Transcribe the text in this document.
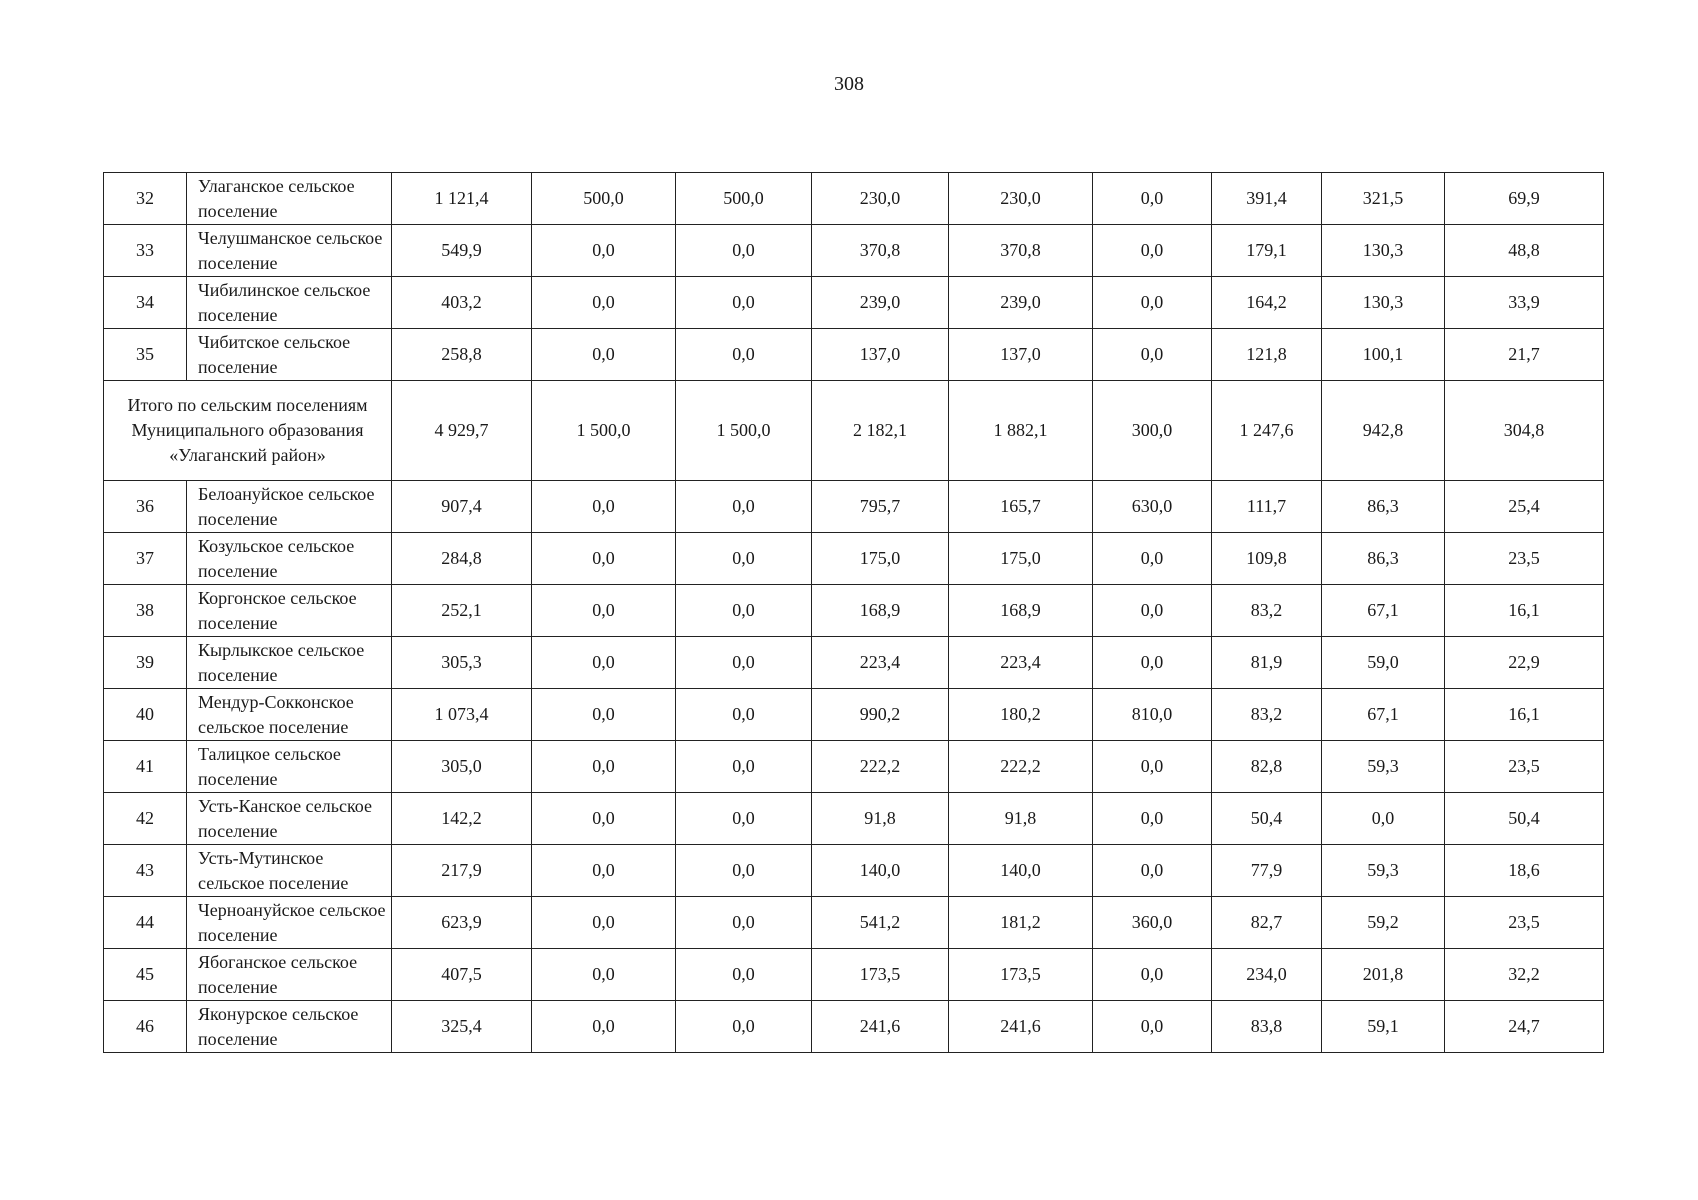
308
32	Улаганское сельское поселение	1 121,4	500,0	500,0	230,0	230,0	0,0	391,4	321,5	69,9
33	Челушманское сельское поселение	549,9	0,0	0,0	370,8	370,8	0,0	179,1	130,3	48,8
34	Чибилинское сельское поселение	403,2	0,0	0,0	239,0	239,0	0,0	164,2	130,3	33,9
35	Чибитское сельское поселение	258,8	0,0	0,0	137,0	137,0	0,0	121,8	100,1	21,7
Итого по сельским поселениям Муниципального образования «Улаганский район»		4 929,7	1 500,0	1 500,0	2 182,1	1 882,1	300,0	1 247,6	942,8	304,8
36	Белоануйское сельское поселение	907,4	0,0	0,0	795,7	165,7	630,0	111,7	86,3	25,4
37	Козульское сельское поселение	284,8	0,0	0,0	175,0	175,0	0,0	109,8	86,3	23,5
38	Коргонское сельское поселение	252,1	0,0	0,0	168,9	168,9	0,0	83,2	67,1	16,1
39	Кырлыкское сельское поселение	305,3	0,0	0,0	223,4	223,4	0,0	81,9	59,0	22,9
40	Мендур-Сокконское сельское поселение	1 073,4	0,0	0,0	990,2	180,2	810,0	83,2	67,1	16,1
41	Талицкое сельское поселение	305,0	0,0	0,0	222,2	222,2	0,0	82,8	59,3	23,5
42	Усть-Канское сельское поселение	142,2	0,0	0,0	91,8	91,8	0,0	50,4	0,0	50,4
43	Усть-Мутинское сельское поселение	217,9	0,0	0,0	140,0	140,0	0,0	77,9	59,3	18,6
44	Черноануйское сельское поселение	623,9	0,0	0,0	541,2	181,2	360,0	82,7	59,2	23,5
45	Ябоганское сельское поселение	407,5	0,0	0,0	173,5	173,5	0,0	234,0	201,8	32,2
46	Яконурское сельское поселение	325,4	0,0	0,0	241,6	241,6	0,0	83,8	59,1	24,7
